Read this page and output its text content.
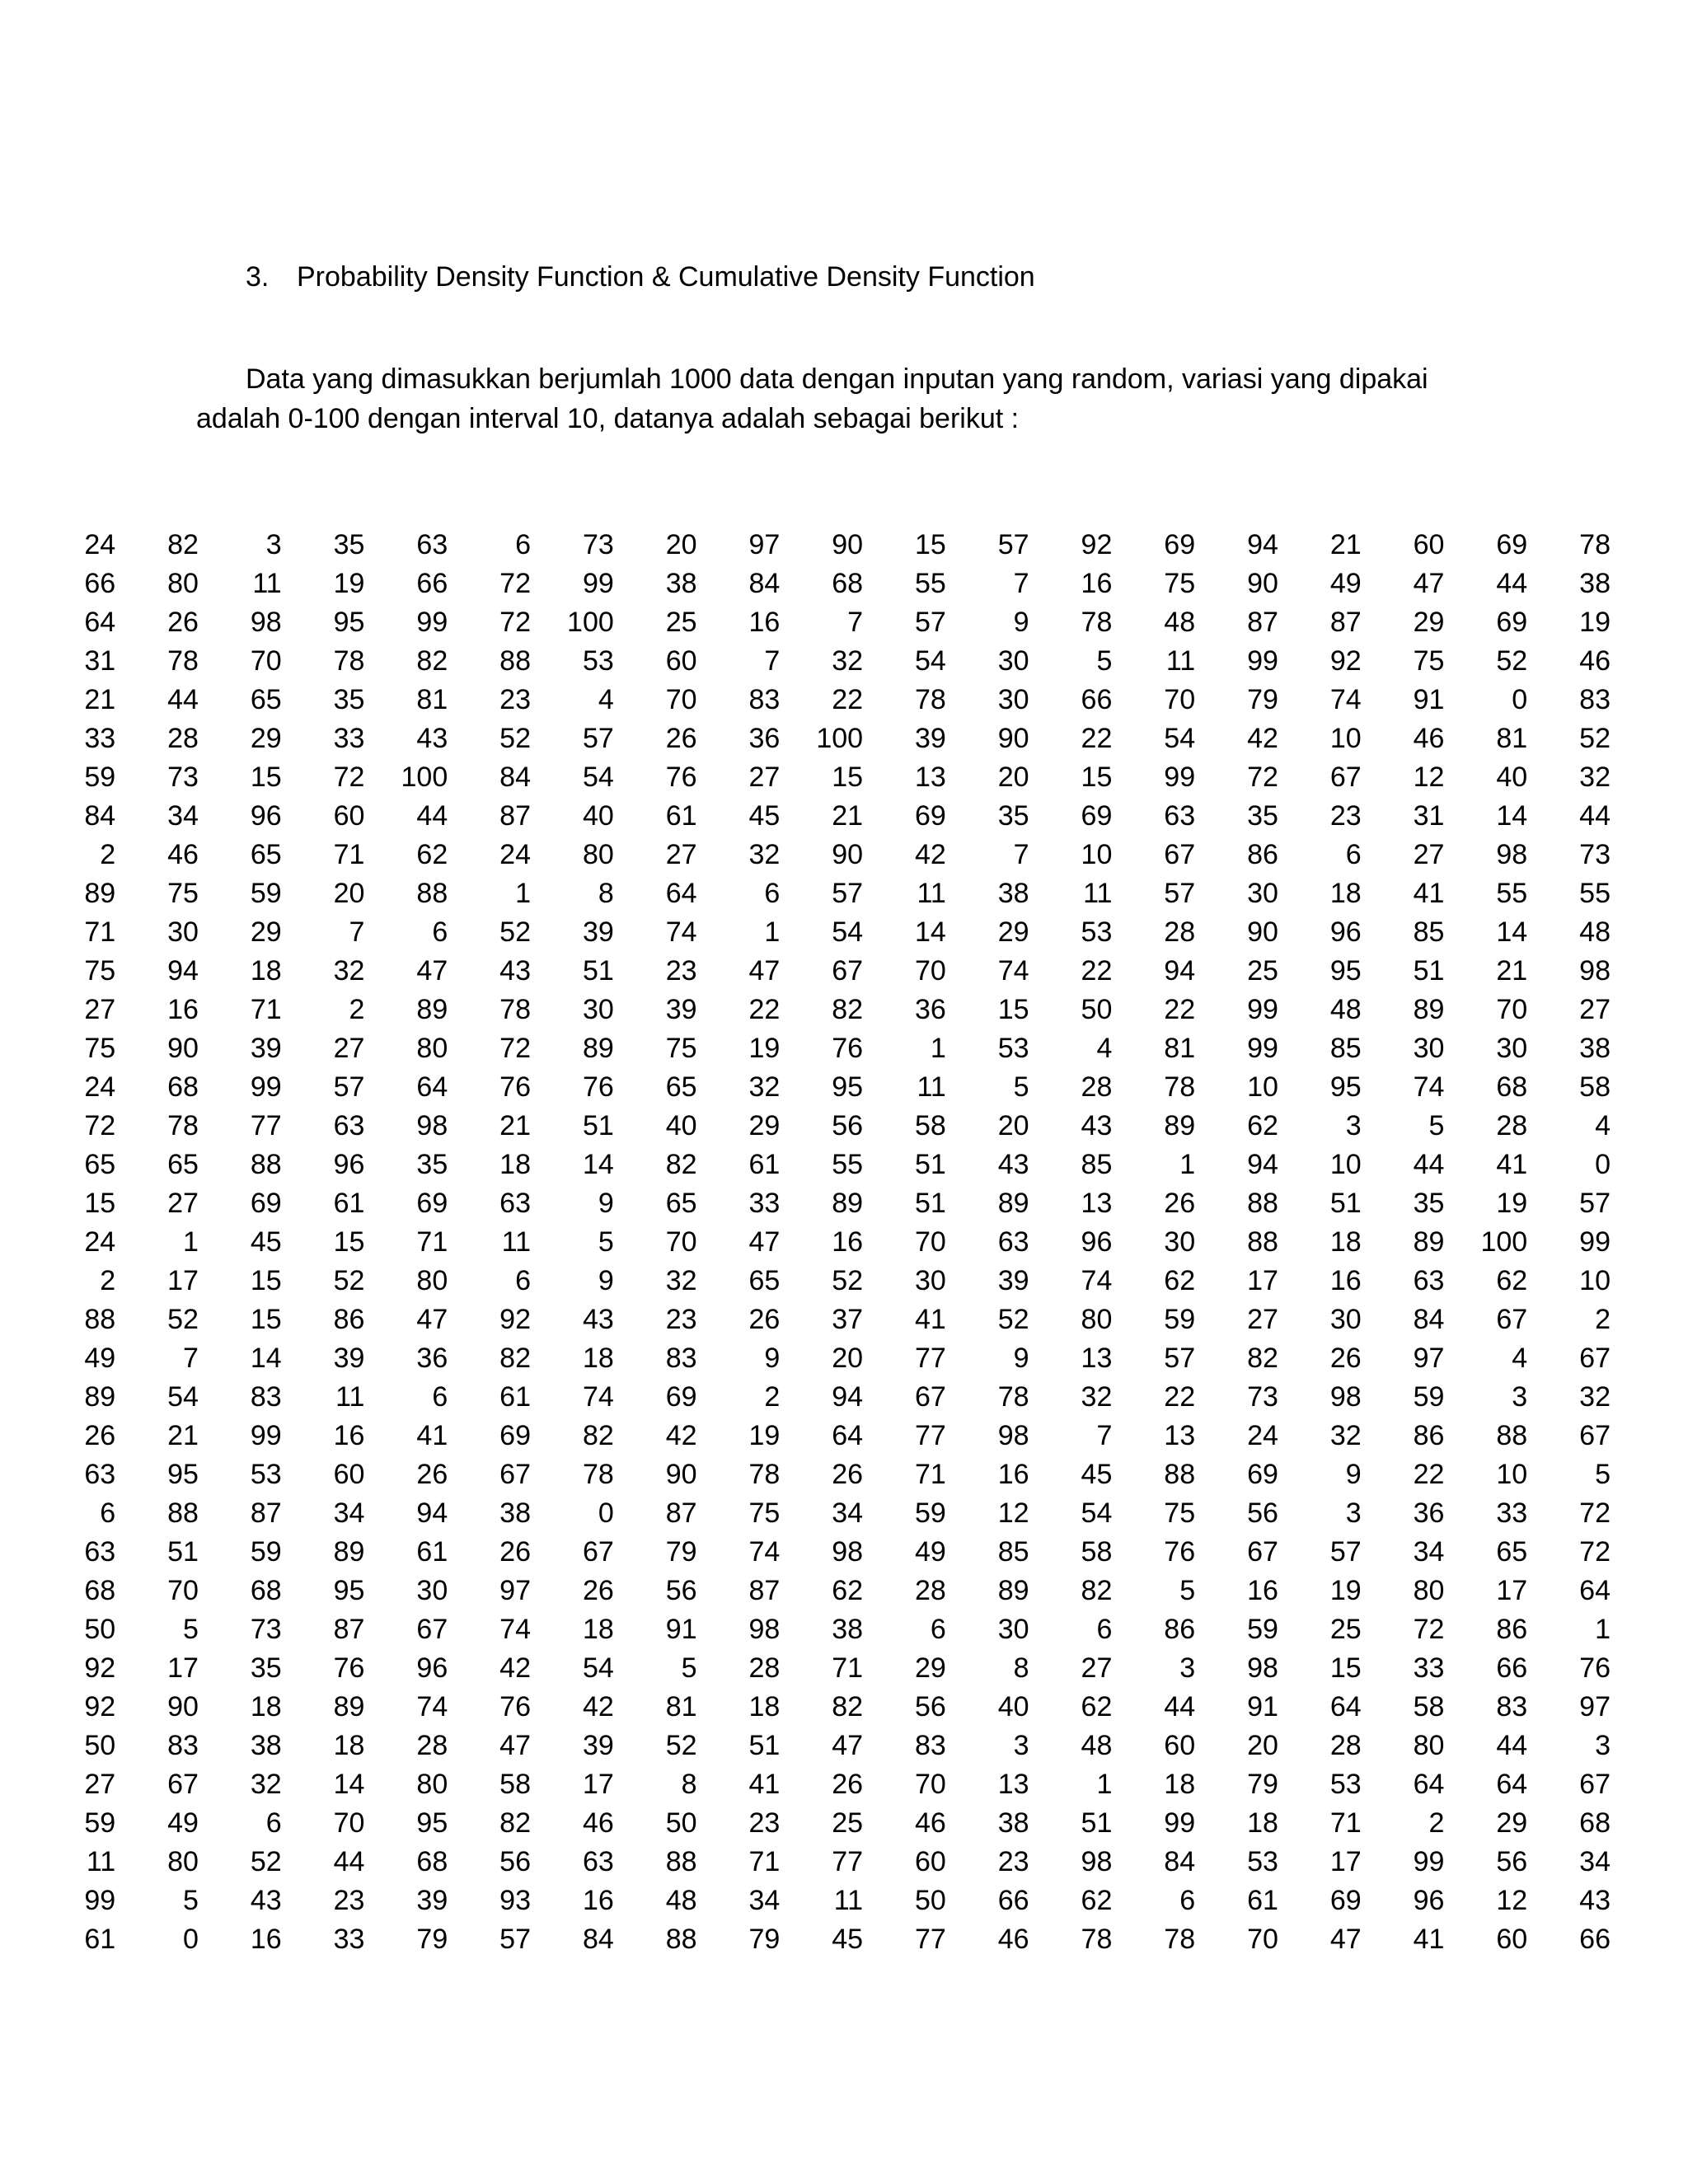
3. Probability Density Function & Cumulative Density Function
Data yang dimasukkan berjumlah 1000 data dengan inputan yang random, variasi yang dipakai
adalah 0-100 dengan interval 10, datanya adalah sebagai berikut :
24	82	3	35	63	6	73	20	97	90	15	57	92	69	94	21	60	69	78
66	80	11	19	66	72	99	38	84	68	55	7	16	75	90	49	47	44	38
64	26	98	95	99	72	100	25	16	7	57	9	78	48	87	87	29	69	19
31	78	70	78	82	88	53	60	7	32	54	30	5	11	99	92	75	52	46
21	44	65	35	81	23	4	70	83	22	78	30	66	70	79	74	91	0	83
33	28	29	33	43	52	57	26	36	100	39	90	22	54	42	10	46	81	52
59	73	15	72	100	84	54	76	27	15	13	20	15	99	72	67	12	40	32
84	34	96	60	44	87	40	61	45	21	69	35	69	63	35	23	31	14	44
2	46	65	71	62	24	80	27	32	90	42	7	10	67	86	6	27	98	73
89	75	59	20	88	1	8	64	6	57	11	38	11	57	30	18	41	55	55
71	30	29	7	6	52	39	74	1	54	14	29	53	28	90	96	85	14	48
75	94	18	32	47	43	51	23	47	67	70	74	22	94	25	95	51	21	98
27	16	71	2	89	78	30	39	22	82	36	15	50	22	99	48	89	70	27
75	90	39	27	80	72	89	75	19	76	1	53	4	81	99	85	30	30	38
24	68	99	57	64	76	76	65	32	95	11	5	28	78	10	95	74	68	58
72	78	77	63	98	21	51	40	29	56	58	20	43	89	62	3	5	28	4
65	65	88	96	35	18	14	82	61	55	51	43	85	1	94	10	44	41	0
15	27	69	61	69	63	9	65	33	89	51	89	13	26	88	51	35	19	57
24	1	45	15	71	11	5	70	47	16	70	63	96	30	88	18	89	100	99
2	17	15	52	80	6	9	32	65	52	30	39	74	62	17	16	63	62	10
88	52	15	86	47	92	43	23	26	37	41	52	80	59	27	30	84	67	2
49	7	14	39	36	82	18	83	9	20	77	9	13	57	82	26	97	4	67
89	54	83	11	6	61	74	69	2	94	67	78	32	22	73	98	59	3	32
26	21	99	16	41	69	82	42	19	64	77	98	7	13	24	32	86	88	67
63	95	53	60	26	67	78	90	78	26	71	16	45	88	69	9	22	10	5
6	88	87	34	94	38	0	87	75	34	59	12	54	75	56	3	36	33	72
63	51	59	89	61	26	67	79	74	98	49	85	58	76	67	57	34	65	72
68	70	68	95	30	97	26	56	87	62	28	89	82	5	16	19	80	17	64
50	5	73	87	67	74	18	91	98	38	6	30	6	86	59	25	72	86	1
92	17	35	76	96	42	54	5	28	71	29	8	27	3	98	15	33	66	76
92	90	18	89	74	76	42	81	18	82	56	40	62	44	91	64	58	83	97
50	83	38	18	28	47	39	52	51	47	83	3	48	60	20	28	80	44	3
27	67	32	14	80	58	17	8	41	26	70	13	1	18	79	53	64	64	67
59	49	6	70	95	82	46	50	23	25	46	38	51	99	18	71	2	29	68
11	80	52	44	68	56	63	88	71	77	60	23	98	84	53	17	99	56	34
99	5	43	23	39	93	16	48	34	11	50	66	62	6	61	69	96	12	43
61	0	16	33	79	57	84	88	79	45	77	46	78	78	70	47	41	60	66
